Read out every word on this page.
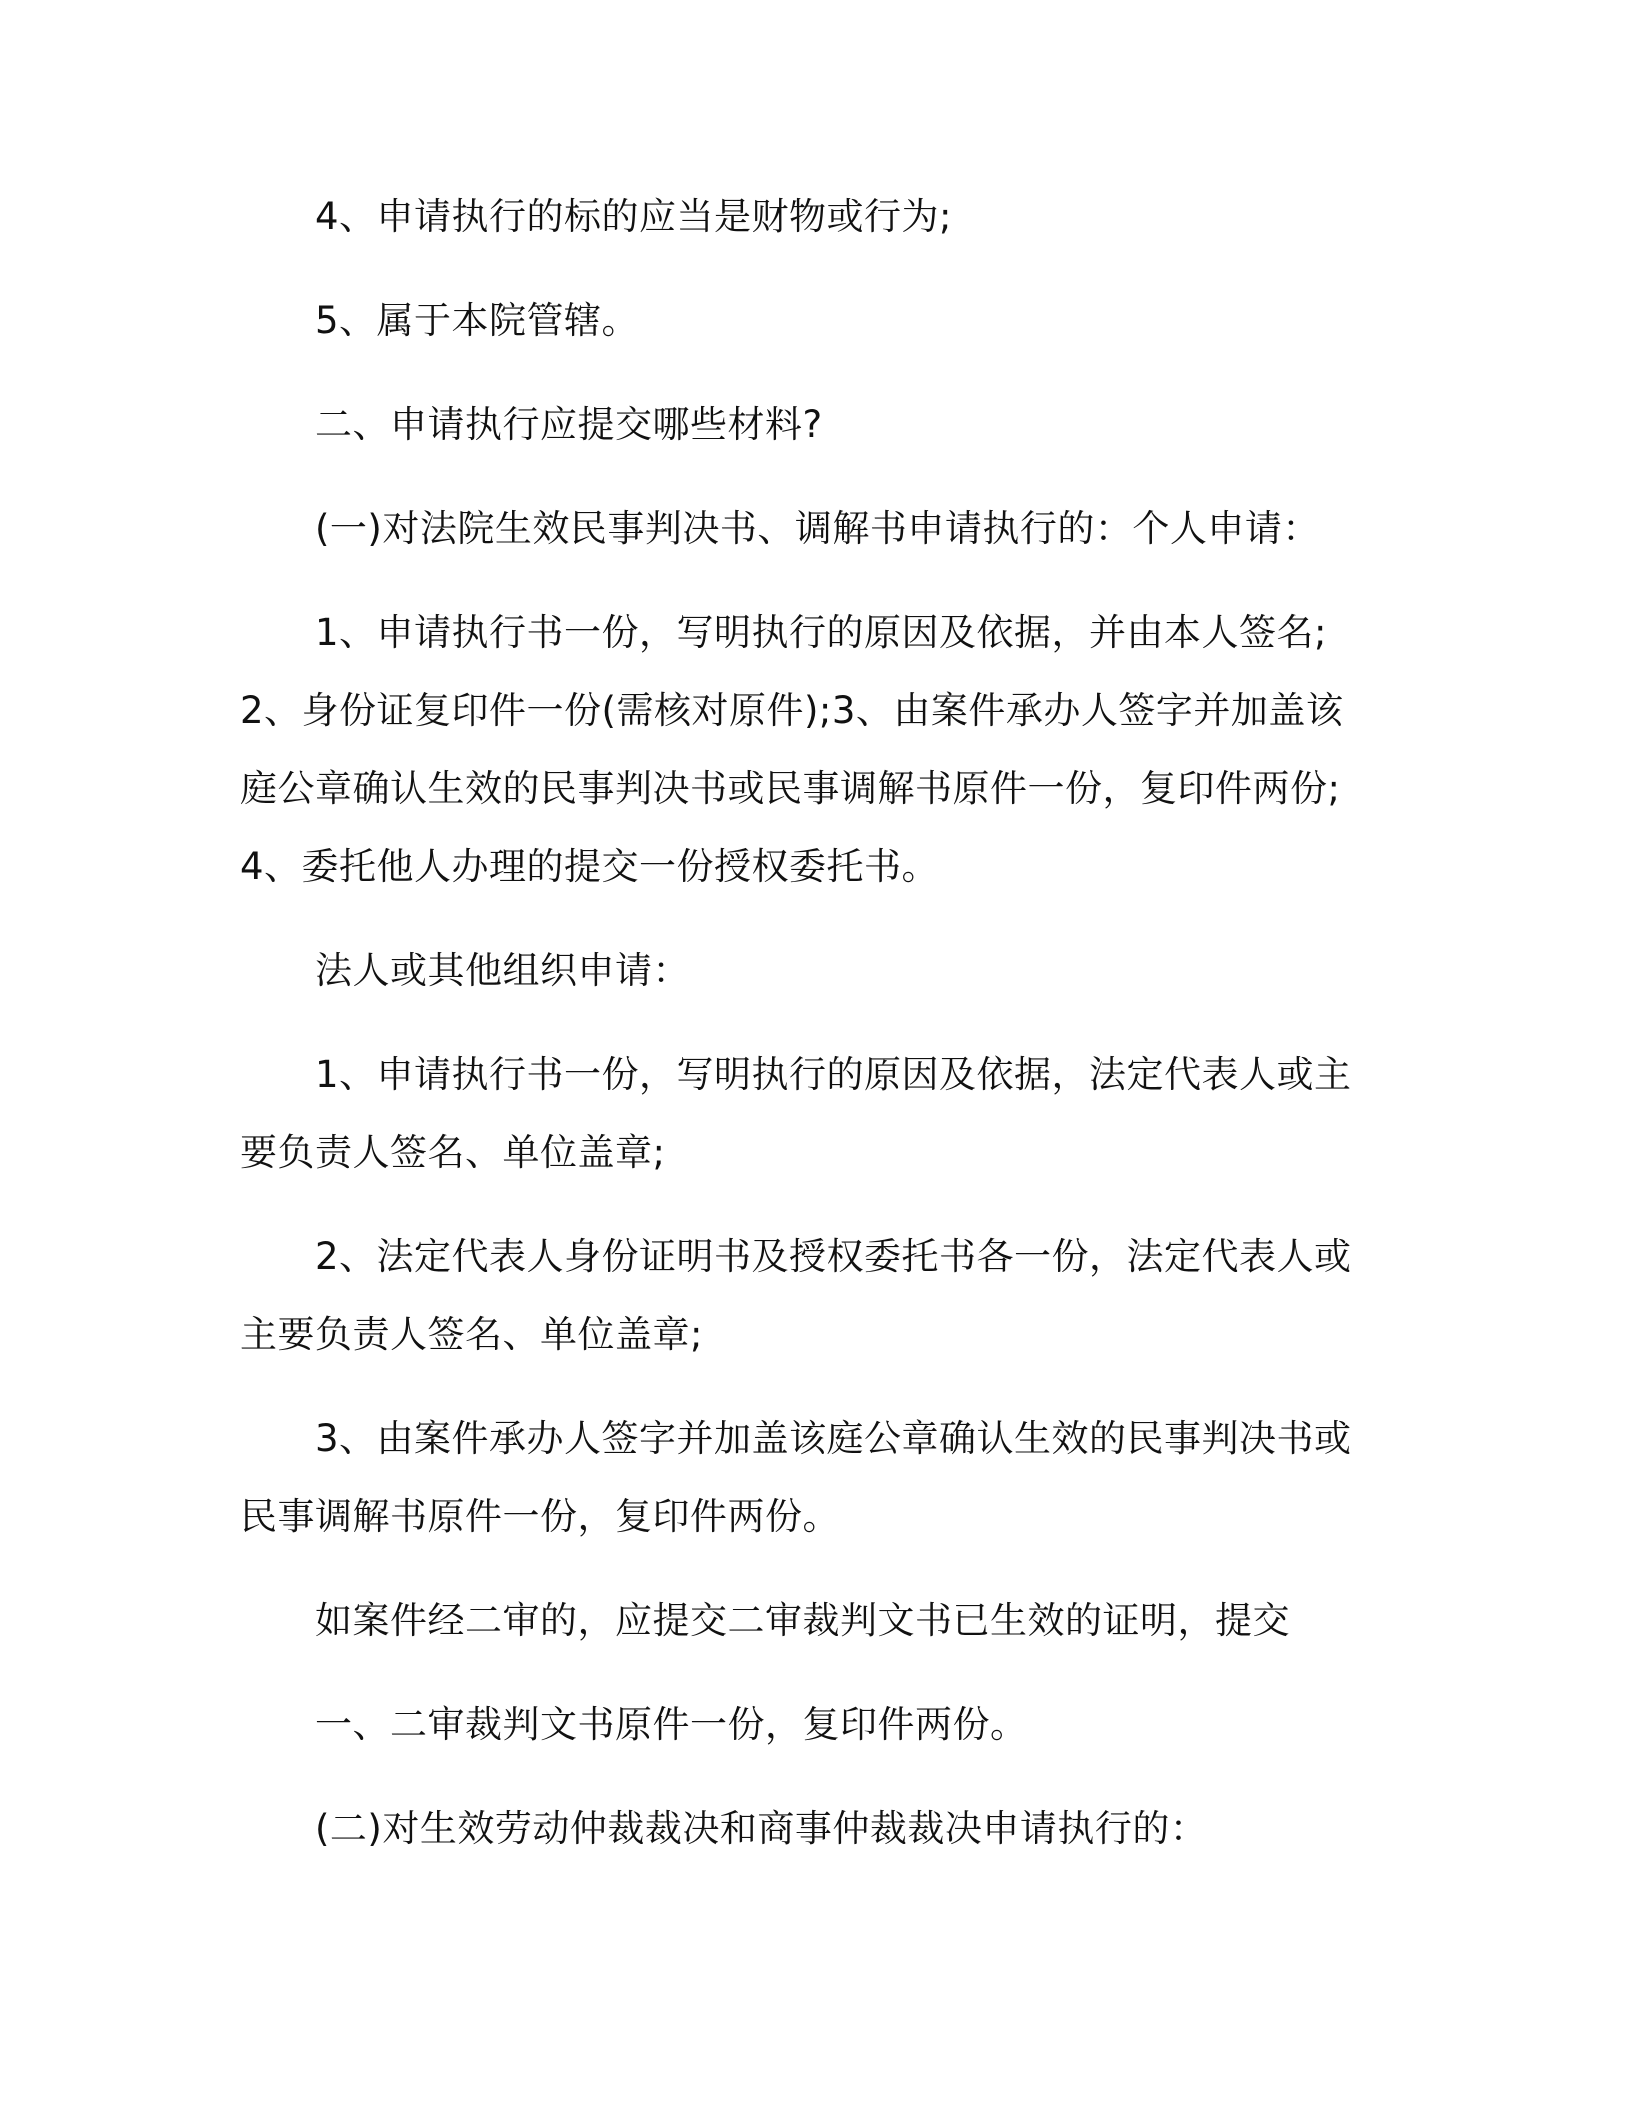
4、申请执行的标的应当是财物或行为;

5、属于本院管辖。

二、申请执行应提交哪些材料?

(一)对法院生效民事判决书、调解书申请执行的：个人申请：

1、申请执行书一份，写明执行的原因及依据，并由本人签名;2、身份证复印件一份(需核对原件);3、由案件承办人签字并加盖该庭公章确认生效的民事判决书或民事调解书原件一份，复印件两份;4、委托他人办理的提交一份授权委托书。

法人或其他组织申请：

1、申请执行书一份，写明执行的原因及依据，法定代表人或主要负责人签名、单位盖章;

2、法定代表人身份证明书及授权委托书各一份，法定代表人或主要负责人签名、单位盖章;

3、由案件承办人签字并加盖该庭公章确认生效的民事判决书或民事调解书原件一份，复印件两份。

如案件经二审的，应提交二审裁判文书已生效的证明，提交

一、二审裁判文书原件一份，复印件两份。

(二)对生效劳动仲裁裁决和商事仲裁裁决申请执行的：
